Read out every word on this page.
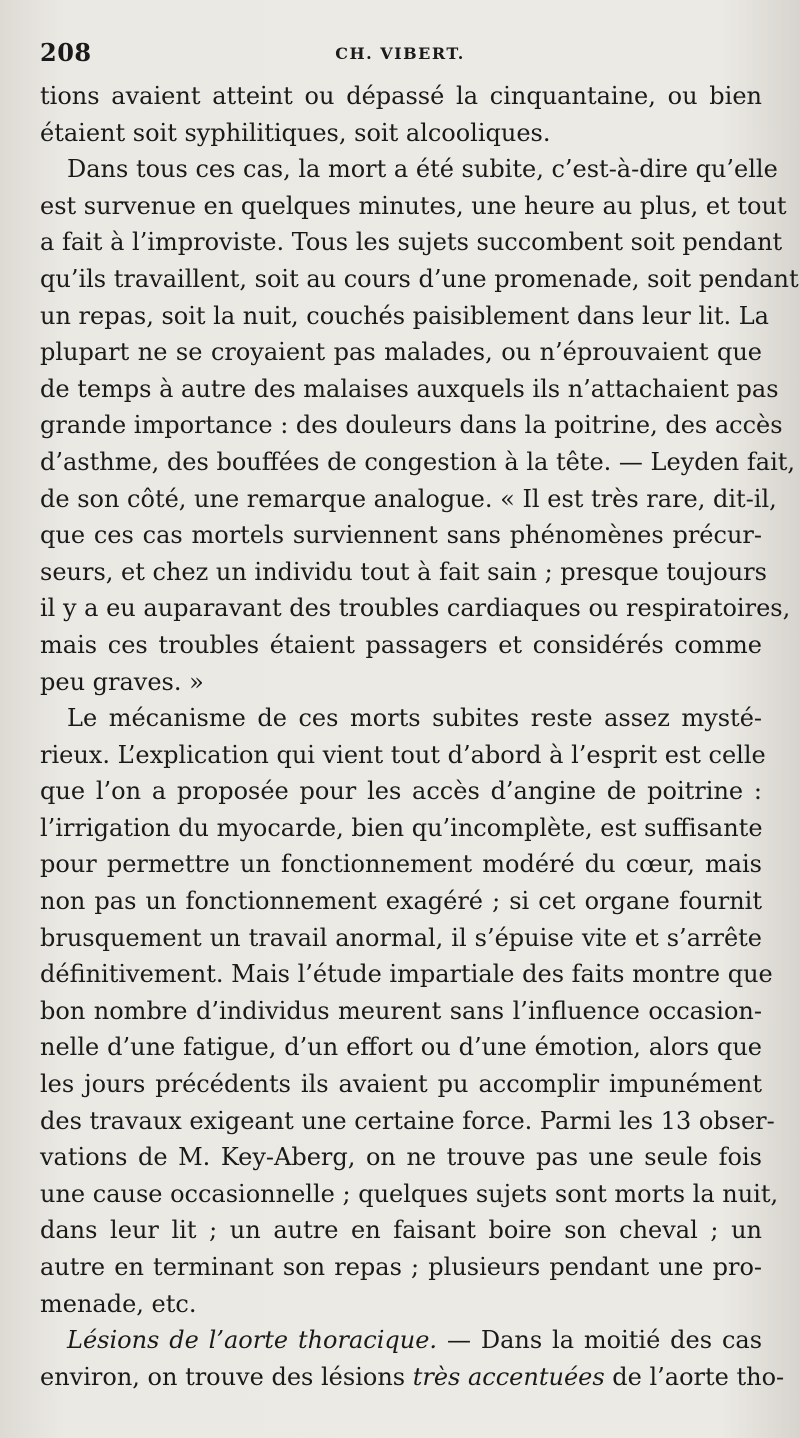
208	CH. VIBERT.
tions avaient atteint ou dépassé la cinquantaine, ou bien
étaient soit syphilitiques, soit alcooliques.
Dans tous ces cas, la mort a été subite, c’est-à-dire qu’elle
est survenue en quelques minutes, une heure au plus, et tout
a fait à l’improviste. Tous les sujets succombent soit pendant
qu’ils travaillent, soit au cours d’une promenade, soit pendant
un repas, soit la nuit, couchés paisiblement dans leur lit. La
plupart ne se croyaient pas malades, ou n’éprouvaient que
de temps à autre des malaises auxquels ils n’attachaient pas
grande importance : des douleurs dans la poitrine, des accès
d’asthme, des bouffées de congestion à la tête. — Leyden fait,
de son côté, une remarque analogue. « Il est très rare, dit-il,
que ces cas mortels surviennent sans phénomènes précur-
seurs, et chez un individu tout à fait sain ; presque toujours
il y a eu auparavant des troubles cardiaques ou respiratoires,
mais ces troubles étaient passagers et considérés comme
peu graves. »
Le mécanisme de ces morts subites reste assez mysté-
rieux. L’explication qui vient tout d’abord à l’esprit est celle
que l’on a proposée pour les accès d’angine de poitrine :
l’irrigation du myocarde, bien qu’incomplète, est suffisante
pour permettre un fonctionnement modéré du cœur, mais
non pas un fonctionnement exagéré ; si cet organe fournit
brusquement un travail anormal, il s’épuise vite et s’arrête
définitivement. Mais l’étude impartiale des faits montre que
bon nombre d’individus meurent sans l’influence occasion-
nelle d’une fatigue, d’un effort ou d’une émotion, alors que
les jours précédents ils avaient pu accomplir impunément
des travaux exigeant une certaine force. Parmi les 13 obser-
vations de M. Key-Aberg, on ne trouve pas une seule fois
une cause occasionnelle ; quelques sujets sont morts la nuit,
dans leur lit ; un autre en faisant boire son cheval ; un
autre en terminant son repas ; plusieurs pendant une pro-
menade, etc.
Lésions de l’aorte thoracique. — Dans la moitié des cas
environ, on trouve des lésions très accentuées de l’aorte tho-
